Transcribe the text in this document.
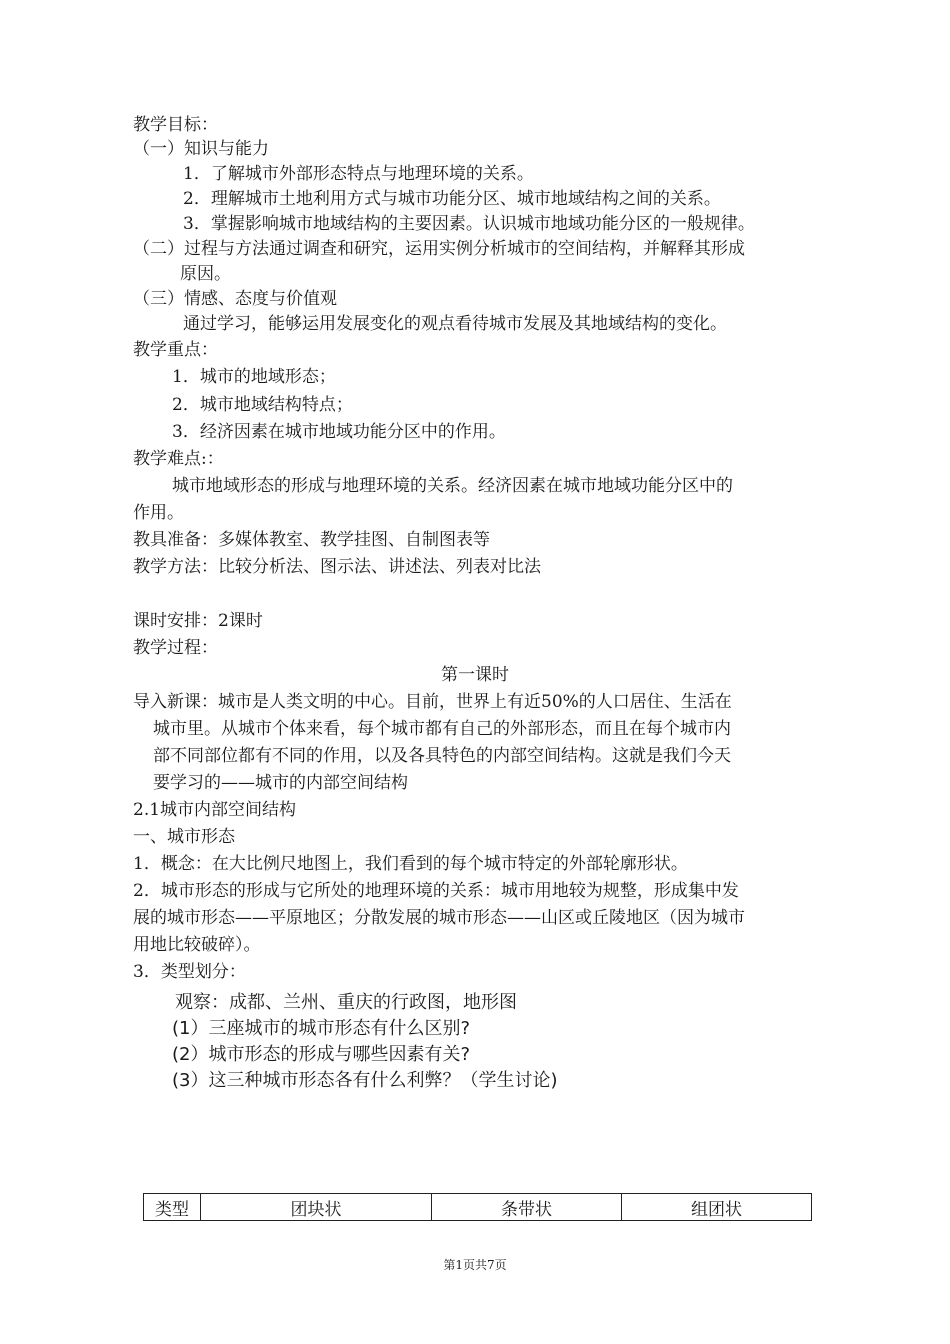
教学目标：
（一）知识与能力
1．了解城市外部形态特点与地理环境的关系。
2．理解城市土地利用方式与城市功能分区、城市地域结构之间的关系。
3．掌握影响城市地域结构的主要因素。认识城市地域功能分区的一般规律。
（二）过程与方法通过调查和研究，运用实例分析城市的空间结构，并解释其形成
原因。
（三）情感、态度与价值观
通过学习，能够运用发展变化的观点看待城市发展及其地域结构的变化。
教学重点：
1．城市的地域形态；
2．城市地域结构特点；
3．经济因素在城市地域功能分区中的作用。
教学难点:：
城市地域形态的形成与地理环境的关系。经济因素在城市地域功能分区中的
作用。
教具准备：多媒体教室、教学挂图、自制图表等
教学方法：比较分析法、图示法、讲述法、列表对比法
课时安排：2课时
教学过程：
第一课时
导入新课：城市是人类文明的中心。目前，世界上有近50%的人口居住、生活在
城市里。从城市个体来看，每个城市都有自己的外部形态，而且在每个城市内
部不同部位都有不同的作用，以及各具特色的内部空间结构。这就是我们今天
要学习的——城市的内部空间结构
2.1城市内部空间结构
一、城市形态
1．概念：在大比例尺地图上，我们看到的每个城市特定的外部轮廓形状。
2．城市形态的形成与它所处的地理环境的关系：城市用地较为规整，形成集中发
展的城市形态——平原地区；分散发展的城市形态——山区或丘陵地区（因为城市
用地比较破碎）。
3．类型划分：
观察：成都、兰州、重庆的行政图，地形图
(1）三座城市的城市形态有什么区别?
(2）城市形态的形成与哪些因素有关?
(3）这三种城市形态各有什么利弊？（学生讨论)
类型	团块状	条带状	组团状
第1页共7页
